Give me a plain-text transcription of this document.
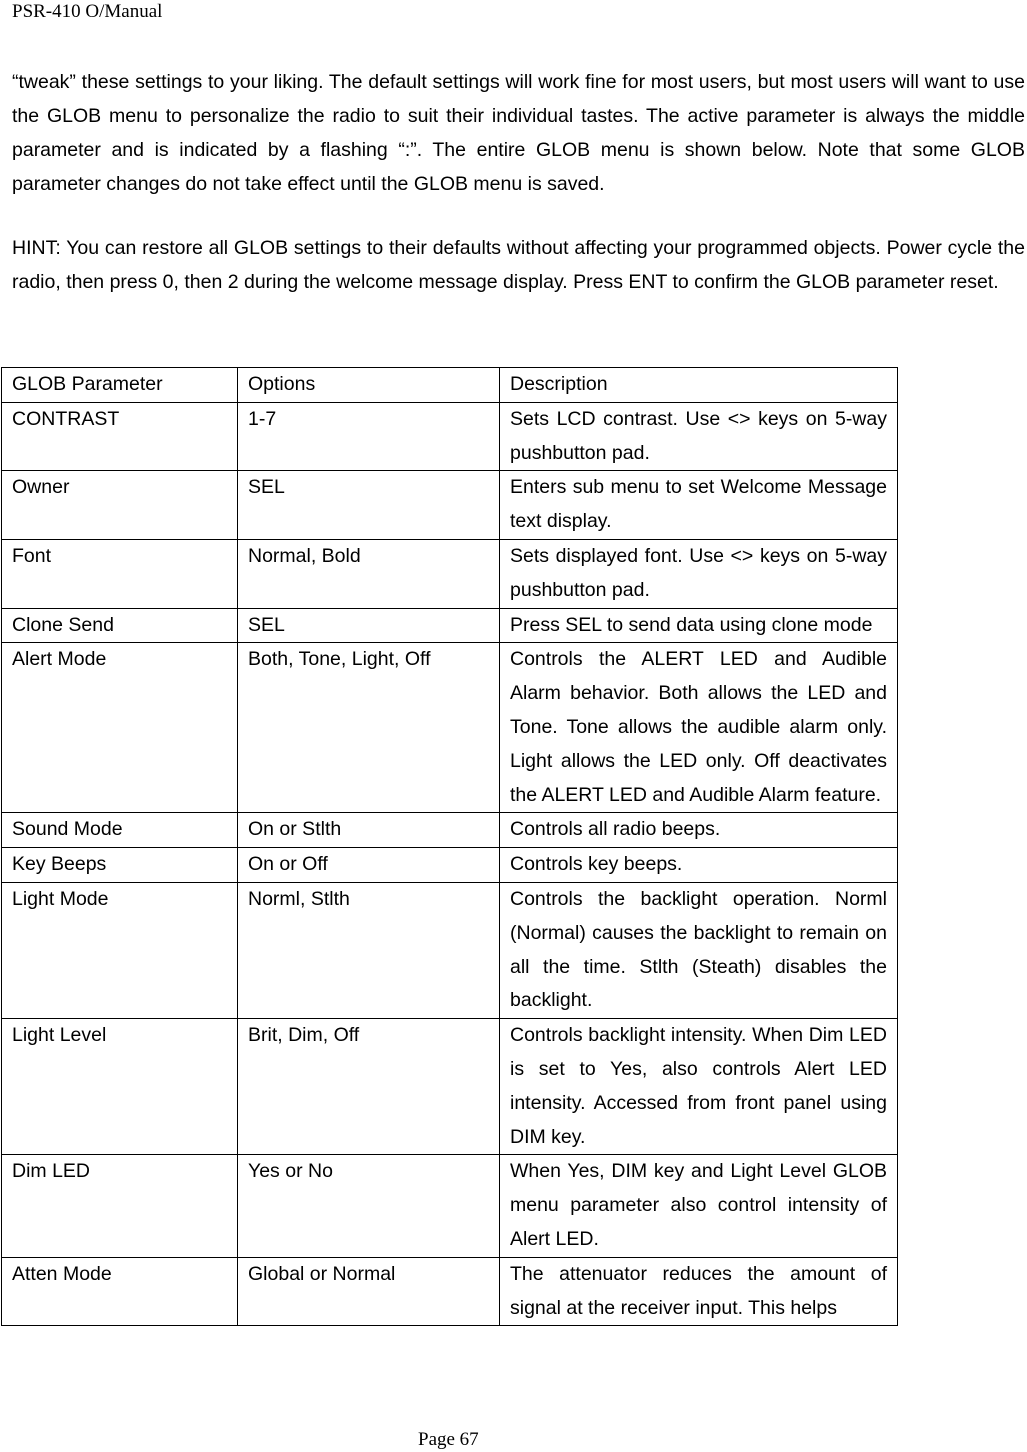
PSR-410 O/Manual

“tweak” these settings to your liking. The default settings will work fine for most users, but most users will want to use the GLOB menu to personalize the radio to suit their individual tastes. The active parameter is always the middle parameter and is indicated by a flashing “:”. The entire GLOB menu is shown below. Note that some GLOB parameter changes do not take effect until the GLOB menu is saved.

HINT: You can restore all GLOB settings to their defaults without affecting your programmed objects. Power cycle the radio, then press 0, then 2 during the welcome message display. Press ENT to confirm the GLOB parameter reset.

GLOB Parameter	Options	Description
CONTRAST	1-7	Sets LCD contrast. Use <> keys on 5-way pushbutton pad.
Owner	SEL	Enters sub menu to set Welcome Message text display.
Font	Normal, Bold	Sets displayed font. Use <> keys on 5-way pushbutton pad.
Clone Send	SEL	Press SEL to send data using clone mode
Alert Mode	Both, Tone, Light, Off	Controls the ALERT LED and Audible Alarm behavior. Both allows the LED and Tone. Tone allows the audible alarm only. Light allows the LED only. Off deactivates the ALERT LED and Audible Alarm feature.
Sound Mode	On or Stlth	Controls all radio beeps.
Key Beeps	On or Off	Controls key beeps.
Light Mode	Norml, Stlth	Controls the backlight operation. Norml (Normal) causes the backlight to remain on all the time. Stlth (Steath) disables the backlight.
Light Level	Brit, Dim, Off	Controls backlight intensity. When Dim LED is set to Yes, also controls Alert LED intensity. Accessed from front panel using DIM key.
Dim LED	Yes or No	When Yes, DIM key and Light Level GLOB menu parameter also control intensity of Alert LED.
Atten Mode	Global or Normal	The attenuator reduces the amount of signal at the receiver input. This helps
Page 67
